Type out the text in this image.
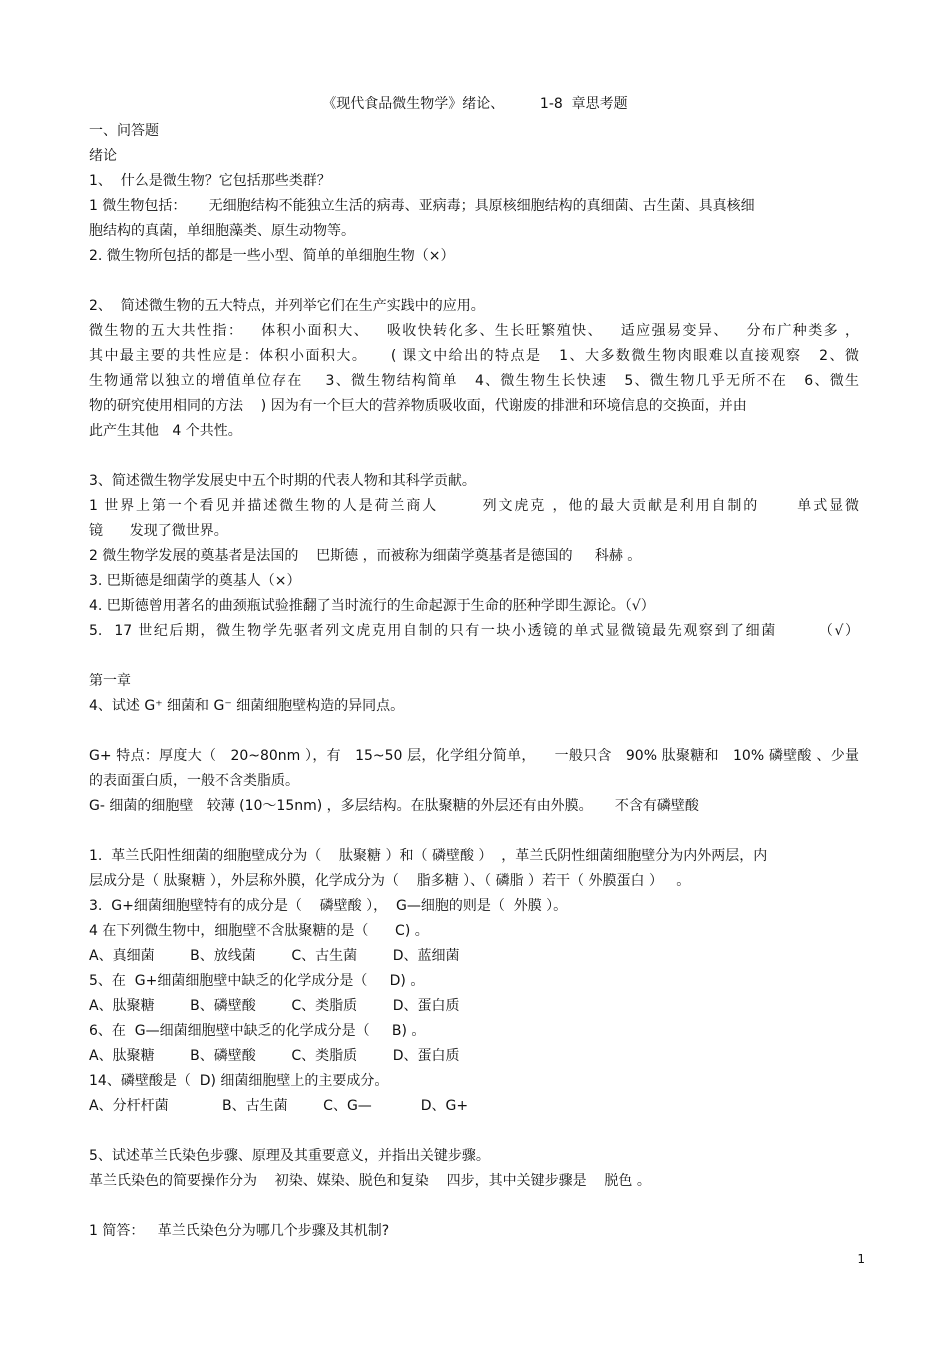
《现代食品微生物学》绪论、        1-8  章思考题
一、问答题
绪论
1、  什么是微生物？它包括那些类群？
1 微生物包括：     无细胞结构不能独立生活的病毒、亚病毒；具原核细胞结构的真细菌、古生菌、具真核细
胞结构的真菌，单细胞藻类、原生动物等。
2. 微生物所包括的都是一些小型、简单的单细胞生物（×）
2、  简述微生物的五大特点，并列举它们在生产实践中的应用。
微生物的五大共性指：   体积小面积大、   吸收快转化多、生长旺繁殖快、   适应强易变异、   分布广种类多 ，
其中最主要的共性应是：体积小面积大。    ( 课文中给出的特点是   1、大多数微生物肉眼难以直接观察   2、微
生物通常以独立的增值单位存在    3、微生物结构简单   4、微生物生长快速   5、微生物几乎无所不在   6、微生
物的研究使用相同的方法    ) 因为有一个巨大的营养物质吸收面，代谢废的排泄和环境信息的交换面，并由
此产生其他   4 个共性。
3、简述微生物学发展史中五个时期的代表人物和其科学贡献。
1 世界上第一个看见并描述微生物的人是荷兰商人       列文虎克 ，他的最大贡献是利用自制的      单式显微
镜      发现了微世界。
2 微生物学发展的奠基者是法国的    巴斯德 ，而被称为细菌学奠基者是德国的     科赫 。
3. 巴斯德是细菌学的奠基人（×）
4. 巴斯德曾用著名的曲颈瓶试验推翻了当时流行的生命起源于生命的胚种学即生源论。（√）
5.  17 世纪后期，微生物学先驱者列文虎克用自制的只有一块小透镜的单式显微镜最先观察到了细菌       （√）
第一章
4、试述 G⁺ 细菌和 G⁻ 细菌细胞壁构造的异同点。
G+ 特点：厚度大（   20~80nm ），有   15~50 层，化学组分简单，    一般只含   90% 肽聚糖和   10% 磷壁酸 、少量
的表面蛋白质，一般不含类脂质。
G- 细菌的细胞壁   较薄 (10～15nm) ，多层结构。在肽聚糖的外层还有由外膜。     不含有磷壁酸
1.  革兰氏阳性细菌的细胞壁成分为（    肽聚糖 ）和（ 磷壁酸 ）  ，革兰氏阴性细菌细胞壁分为内外两层，内
层成分是（ 肽聚糖 ），外层称外膜，化学成分为（    脂多糖 ）、（ 磷脂 ）若干（ 外膜蛋白 ）   。
3.  G+细菌细胞壁特有的成分是（    磷壁酸 ），  G—细胞的则是（  外膜 ）。
4 在下列微生物中，细胞壁不含肽聚糖的是（      C) 。
A、真细菌        B、放线菌        C、古生菌        D、蓝细菌
5、在  G+细菌细胞壁中缺乏的化学成分是（     D) 。
A、肽聚糖        B、磷壁酸        C、类脂质        D、蛋白质
6、在  G—细菌细胞壁中缺乏的化学成分是（     B) 。
A、肽聚糖        B、磷壁酸        C、类脂质        D、蛋白质
14、磷壁酸是（  D) 细菌细胞壁上的主要成分。
A、分杆杆菌            B、古生菌        C、G—           D、G+
5、试述革兰氏染色步骤、原理及其重要意义，并指出关键步骤。
革兰氏染色的简要操作分为    初染、媒染、脱色和复染    四步，其中关键步骤是    脱色 。
1 简答：   革兰氏染色分为哪几个步骤及其机制?
1
